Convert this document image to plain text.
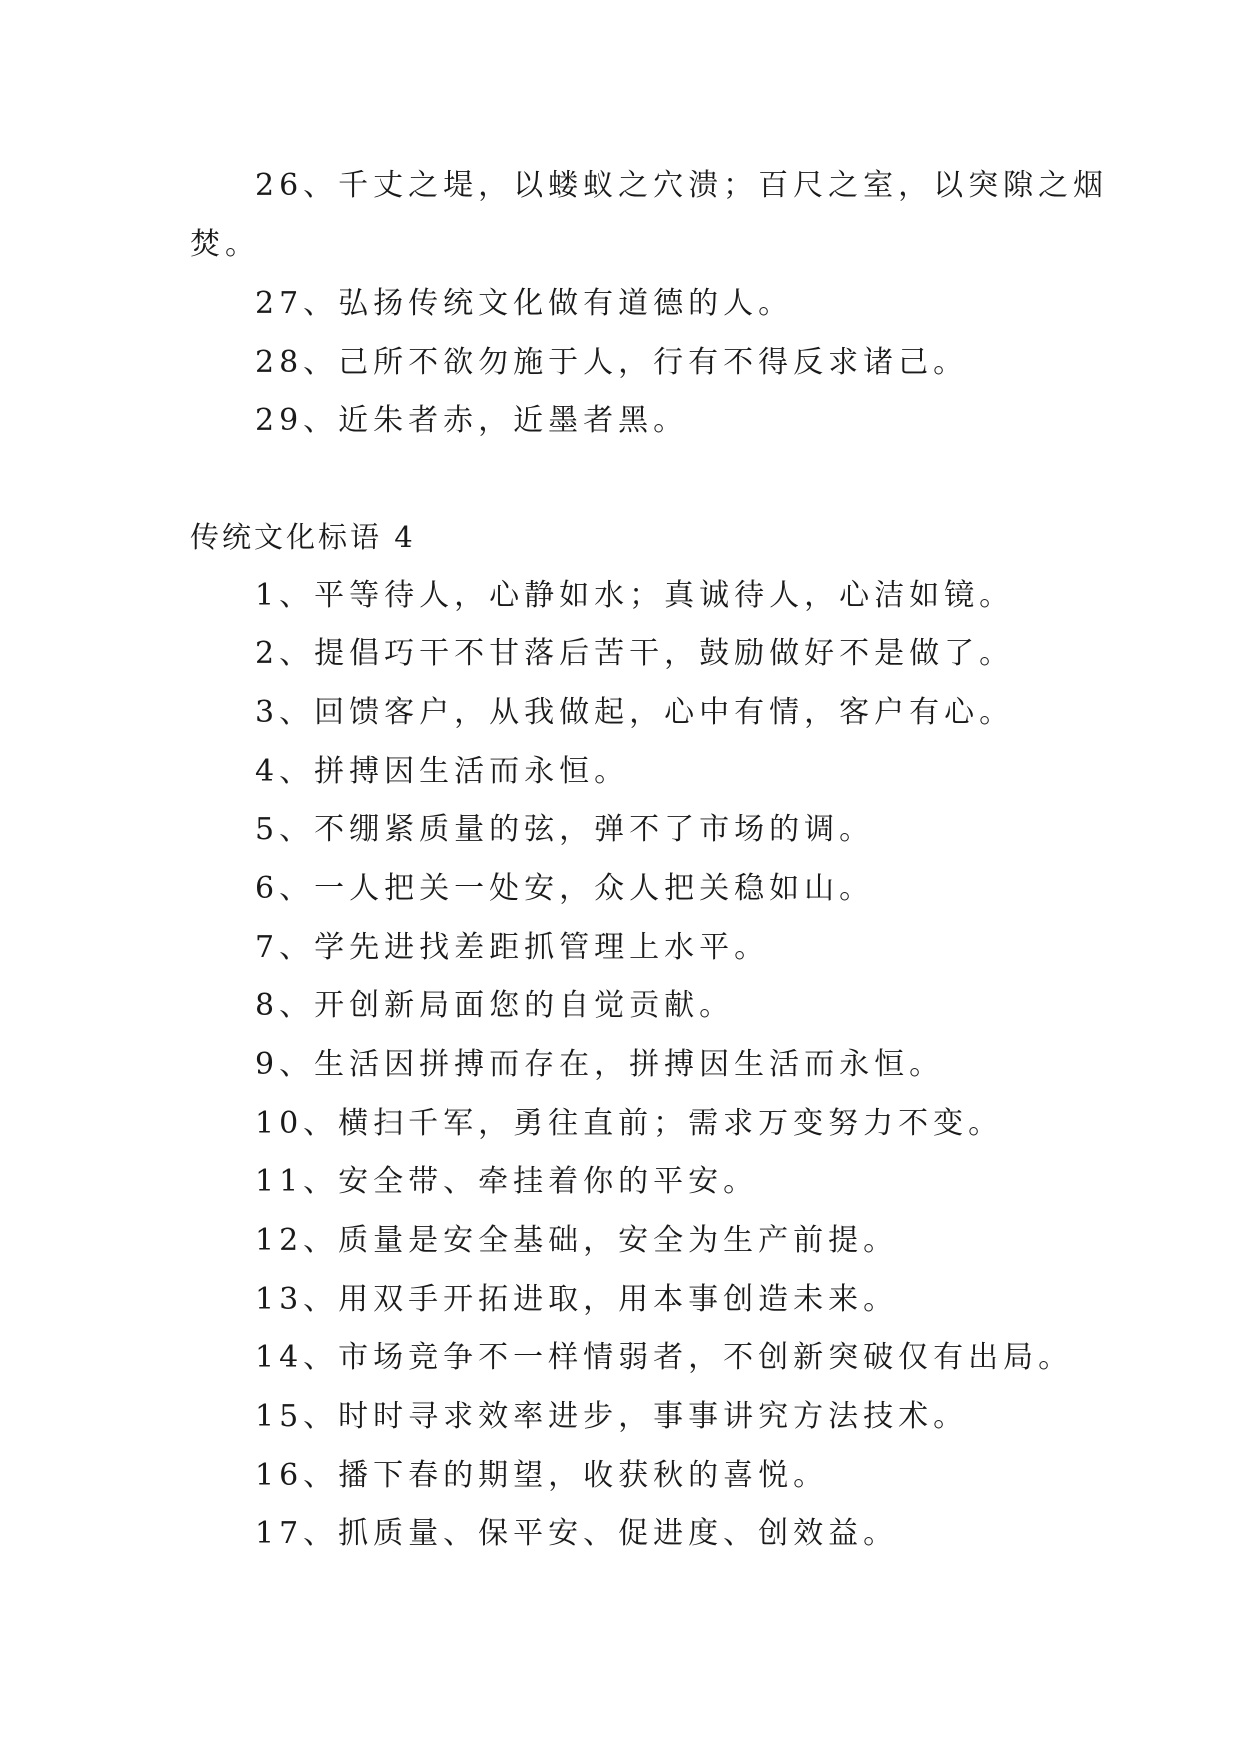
26、千丈之堤，以蝼蚁之穴溃；百尺之室，以突隙之烟
焚。
27、弘扬传统文化做有道德的人。
28、己所不欲勿施于人，行有不得反求诸己。
29、近朱者赤，近墨者黑。
传统文化标语 4
1、平等待人，心静如水；真诚待人，心洁如镜。
2、提倡巧干不甘落后苦干，鼓励做好不是做了。
3、回馈客户，从我做起，心中有情，客户有心。
4、拼搏因生活而永恒。
5、不绷紧质量的弦，弹不了市场的调。
6、一人把关一处安，众人把关稳如山。
7、学先进找差距抓管理上水平。
8、开创新局面您的自觉贡献。
9、生活因拼搏而存在，拼搏因生活而永恒。
10、横扫千军，勇往直前；需求万变努力不变。
11、安全带、牵挂着你的平安。
12、质量是安全基础，安全为生产前提。
13、用双手开拓进取，用本事创造未来。
14、市场竞争不一样情弱者，不创新突破仅有出局。
15、时时寻求效率进步，事事讲究方法技术。
16、播下春的期望，收获秋的喜悦。
17、抓质量、保平安、促进度、创效益。
